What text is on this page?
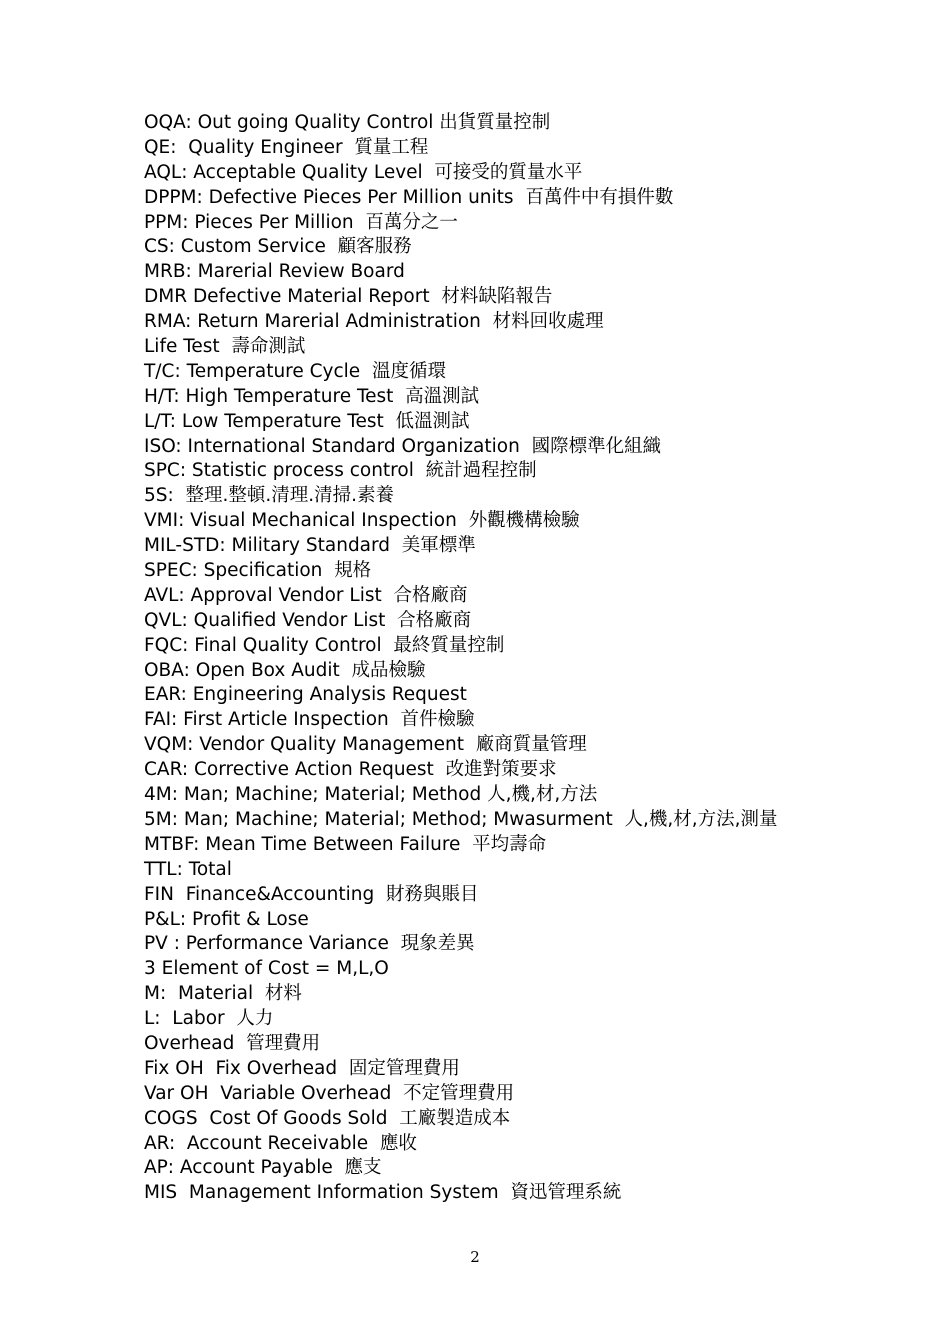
OQA: Out going Quality Control 出貨質量控制
QE:  Quality Engineer  質量工程
AQL: Acceptable Quality Level  可接受的質量水平
DPPM: Defective Pieces Per Million units  百萬件中有損件數
PPM: Pieces Per Million  百萬分之一
CS: Custom Service  顧客服務
MRB: Marerial Review Board
DMR Defective Material Report  材料缺陷報告
RMA: Return Marerial Administration  材料回收處理
Life Test  壽命測試
T/C: Temperature Cycle  溫度循環
H/T: High Temperature Test  高溫測試
L/T: Low Temperature Test  低溫測試
ISO: International Standard Organization  國際標準化組織
SPC: Statistic process control  統計過程控制
5S:  整理.整頓.清理.清掃.素養
VMI: Visual Mechanical Inspection  外觀機構檢驗
MIL-STD: Military Standard  美軍標準
SPEC: Specification  規格
AVL: Approval Vendor List  合格廠商
QVL: Qualified Vendor List  合格廠商
FQC: Final Quality Control  最終質量控制
OBA: Open Box Audit  成品檢驗
EAR: Engineering Analysis Request
FAI: First Article Inspection  首件檢驗
VQM: Vendor Quality Management  廠商質量管理
CAR: Corrective Action Request  改進對策要求
4M: Man; Machine; Material; Method 人,機,材,方法
5M: Man; Machine; Material; Method; Mwasurment  人,機,材,方法,測量
MTBF: Mean Time Between Failure  平均壽命
TTL: Total
FIN  Finance&Accounting  財務與賬目
P&L: Profit & Lose
PV : Performance Variance  現象差異
3 Element of Cost = M,L,O
M:  Material  材料
L:  Labor  人力
Overhead  管理費用
Fix OH  Fix Overhead  固定管理費用
Var OH  Variable Overhead  不定管理費用
COGS  Cost Of Goods Sold  工廠製造成本
AR:  Account Receivable  應收
AP: Account Payable  應支
MIS  Management Information System  資迅管理系統
2
